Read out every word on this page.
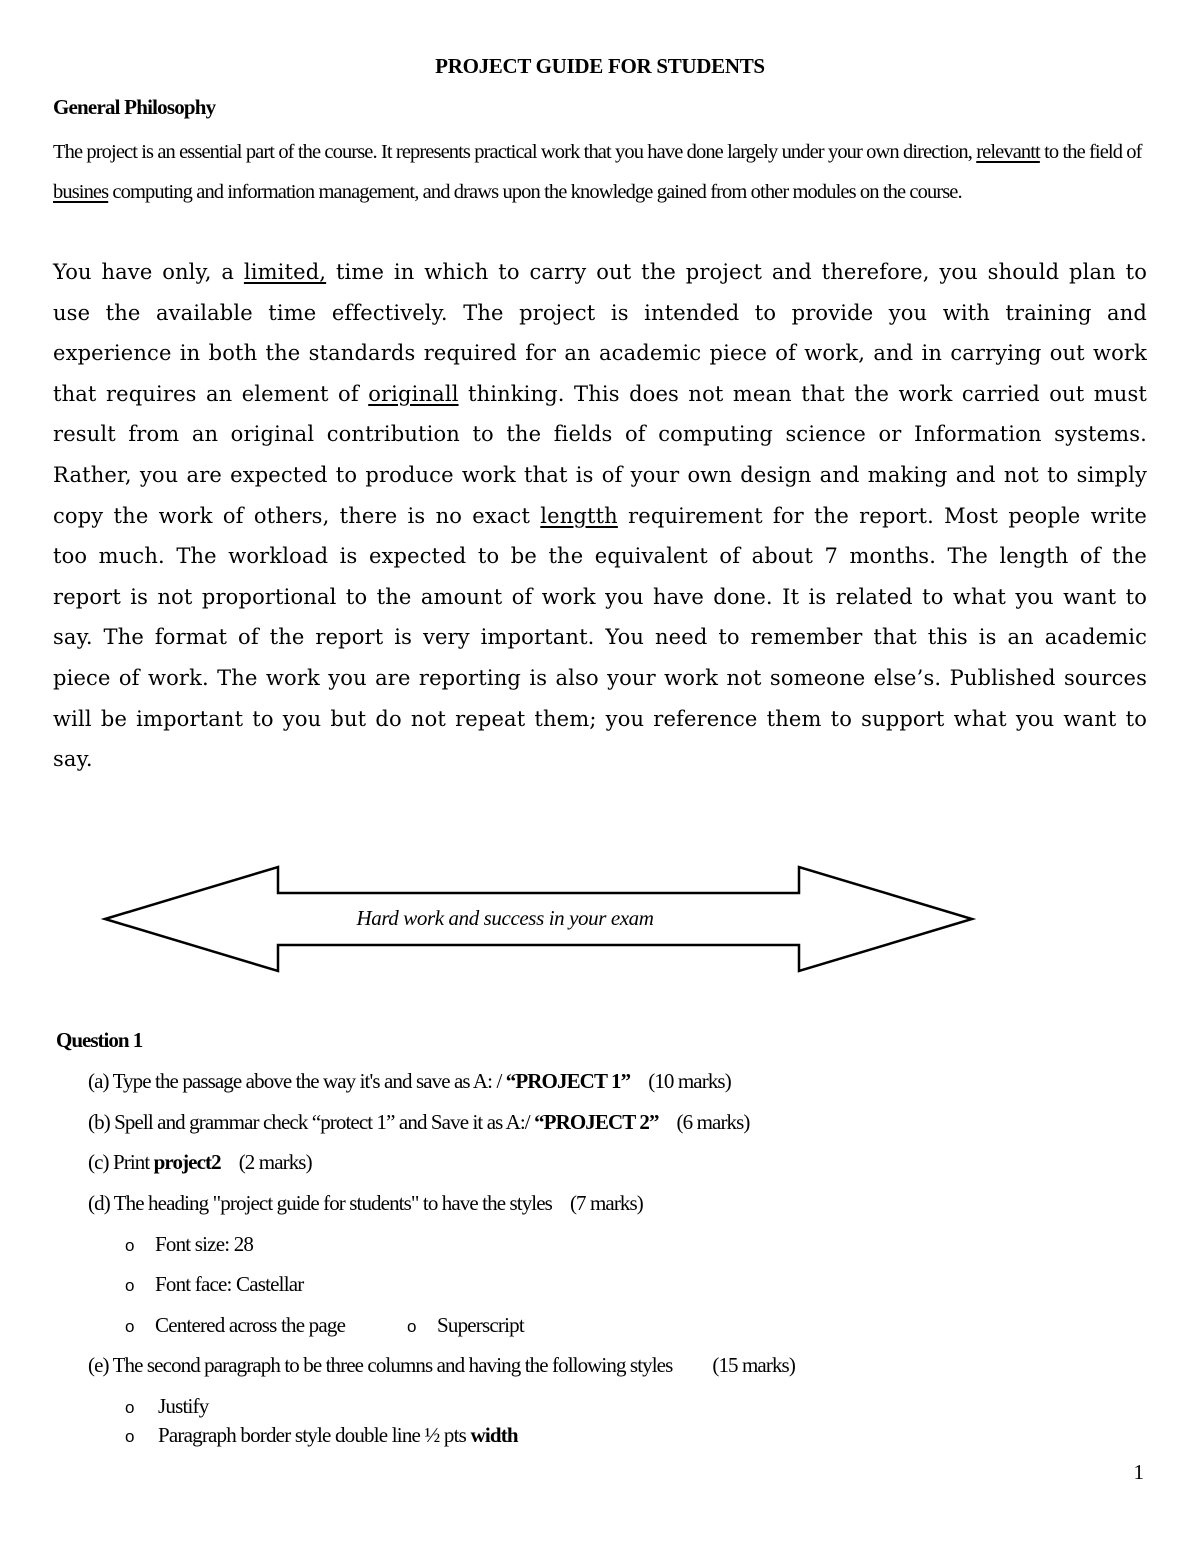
PROJECT GUIDE FOR STUDENTS
General Philosophy

The project is an essential part of the course. It represents practical work that you have done largely under your own direction, relevantt to the field of busines computing and information management, and draws upon the knowledge gained from other modules on the course.

You have only, a limited, time in which to carry out the project and therefore, you should plan to use the available time effectively. The project is intended to provide you with training and experience in both the standards required for an academic piece of work, and in carrying out work that requires an element of originall thinking. This does not mean that the work carried out must result from an original contribution to the fields of computing science or Information systems. Rather, you are expected to produce work that is of your own design and making and not to simply copy the work of others, there is no exact lengtth requirement for the report. Most people write too much. The workload is expected to be the equivalent of about 7 months. The length of the report is not proportional to the amount of work you have done. It is related to what you want to say. The format of the report is very important. You need to remember that this is an academic piece of work. The work you are reporting is also your work not someone else’s. Published sources will be important to you but do not repeat them; you reference them to support what you want to say.

Hard work and success in your exam
Question 1

(a) Type the passage above the way it's and save as A: / “PROJECT 1” (10 marks)

(b) Spell and grammar check “protect 1” and Save it as A:/ “PROJECT 2” (6 marks)

(c) Print project2 (2 marks)

(d) The heading "project guide for students" to have the styles (7 marks)

o Font size: 28

o Font face: Castellar

o Centered across the page	o Superscript

(e) The second paragraph to be three columns and having the following styles (15 marks)

o Justify

o Paragraph border style double line ½ pts width

1
